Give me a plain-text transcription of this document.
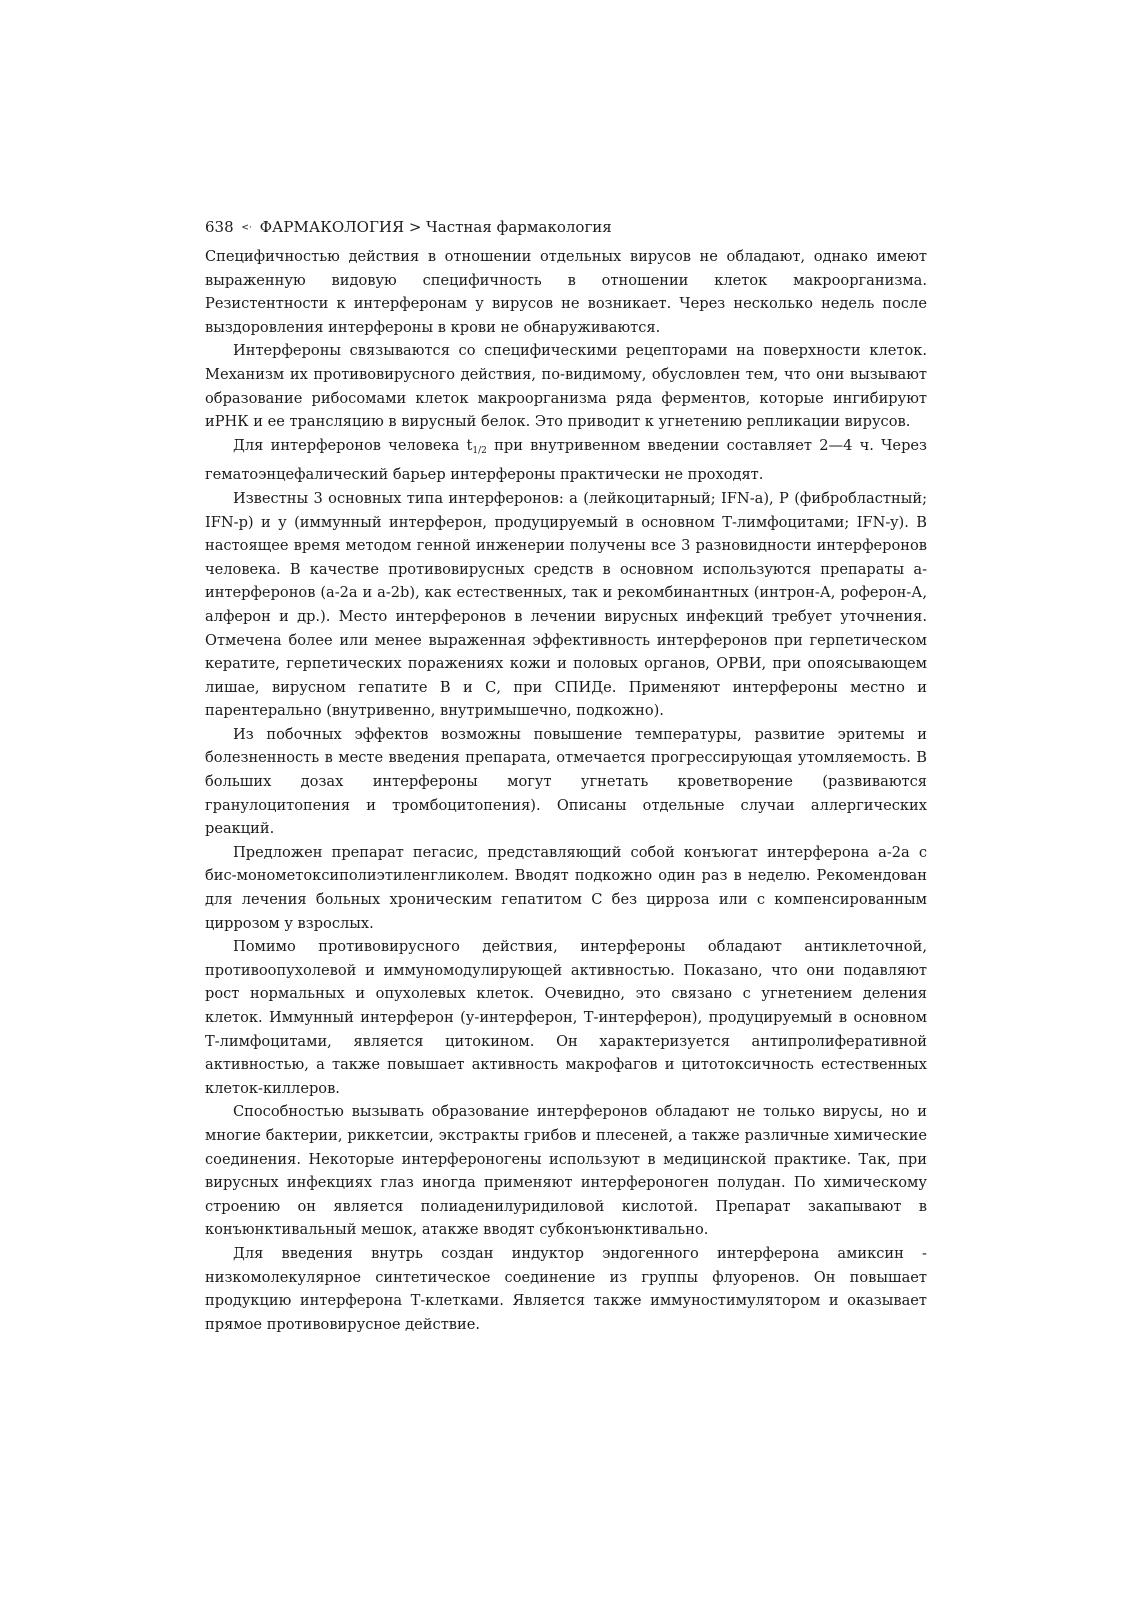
638 <· ФАРМАКОЛОГИЯ > Частная фармакология

Специфичностью действия в отношении отдельных вирусов не обладают, однако имеют выраженную видовую специфичность в отношении клеток макроорганизма. Резистентности к интерферонам у вирусов не возникает. Через несколько недель после выздоровления интерфероны в крови не обнаруживаются.

Интерфероны связываются со специфическими рецепторами на поверхности клеток. Механизм их противовирусного действия, по-видимому, обусловлен тем, что они вызывают образование рибосомами клеток макроорганизма ряда ферментов, которые ингибируют иРНК и ее трансляцию в вирусный белок. Это приводит к угнетению репликации вирусов.

Для интерферонов человека $t_{1/2}$ при внутривенном введении составляет 2—4 ч. Через гематоэнцефалический барьер интерфероны практически не проходят.

Известны 3 основных типа интерферонов: a (лейкоцитарный; IFN-a), Р (фибробластный; IFN-p) и у (иммунный интерферон, продуцируемый в основном Т-лимфоцитами; IFN-y). В настоящее время методом генной инженерии получены все 3 разновидности интерферонов человека. В качестве противовирусных средств в основном используются препараты а-интерферонов (а-2а и а-2b), как естественных, так и рекомбинантных (интрон-А, роферон-А, алферон и др.). Место интерферонов в лечении вирусных инфекций требует уточнения. Отмечена более или менее выраженная эффективность интерферонов при герпетическом кератите, герпетических поражениях кожи и половых органов, ОРВИ, при опоясывающем лишае, вирусном гепатите В и С, при СПИДе. Применяют интерфероны местно и парентерально (внутривенно, внутримышечно, подкожно).

Из побочных эффектов возможны повышение температуры, развитие эритемы и болезненность в месте введения препарата, отмечается прогрессирующая утомляемость. В больших дозах интерфероны могут угнетать кроветворение (развиваются гранулоцитопения и тромбоцитопения). Описаны отдельные случаи аллергических реакций.

Предложен препарат пегасис, представляющий собой конъюгат интерферона а-2а с бис-монометоксиполиэтиленгликолем. Вводят подкожно один раз в неделю. Рекомендован для лечения больных хроническим гепатитом С без цирроза или с компенсированным циррозом у взрослых.

Помимо противовирусного действия, интерфероны обладают антиклеточной, противоопухолевой и иммуномодулирующей активностью. Показано, что они подавляют рост нормальных и опухолевых клеток. Очевидно, это связано с угнетением деления клеток. Иммунный интерферон (у-интерферон, Т-интерферон), продуцируемый в основном Т-лимфоцитами, является цитокином. Он характеризуется антипролиферативной активностью, а также повышает активность макрофагов и цитотоксичность естественных клеток-киллеров.

Способностью вызывать образование интерферонов обладают не только вирусы, но и многие бактерии, риккетсии, экстракты грибов и плесеней, а также различные химические соединения. Некоторые интерфероногены используют в медицинской практике. Так, при вирусных инфекциях глаз иногда применяют интерфероноген полудан. По химическому строению он является полиаденилуридиловой кислотой. Препарат закапывают в конъюнктивальный мешок, атакже вводят субконъюнктивально.

Для введения внутрь создан индуктор эндогенного интерферона амиксин - низкомолекулярное синтетическое соединение из группы флуоренов. Он повышает продукцию интерферона Т-клетками. Является также иммуностимулятором и оказывает прямое противовирусное действие.
